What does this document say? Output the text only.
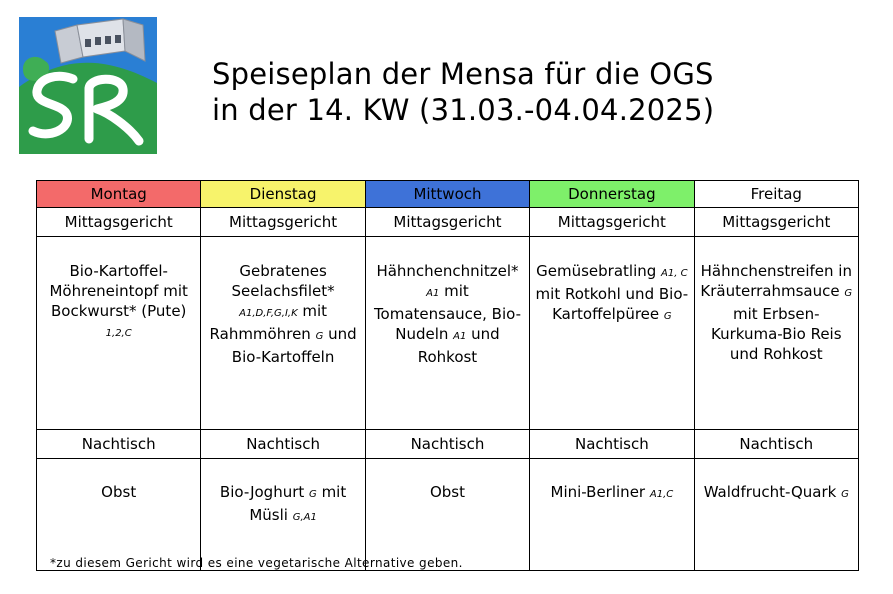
Speiseplan der Mensa für die OGS
in der 14. KW (31.03.-04.04.2025)
Montag	Dienstag	Mittwoch	Donnerstag	Freitag
Mittagsgericht	Mittagsgericht	Mittagsgericht	Mittagsgericht	Mittagsgericht
Bio-Kartoffel-
Möhreneintopf mit
Bockwurst* (Pute)
1,2,C	Gebratenes
Seelachsfilet*
A1,D,F,G,I,K mit
Rahmmöhren G und
Bio-Kartoffeln	Hähnchenchnitzel*
A1 mit
Tomatensauce, Bio-
Nudeln A1 und
Rohkost	Gemüsebratling A1, C
mit Rotkohl und Bio-
Kartoffelpüree G	Hähnchenstreifen in
Kräuterrahmsauce G
mit Erbsen-
Kurkuma-Bio Reis
und Rohkost
Nachtisch	Nachtisch	Nachtisch	Nachtisch	Nachtisch
Obst	Bio-Joghurt G mit
Müsli G,A1	Obst	Mini-Berliner A1,C	Waldfrucht-Quark G
*zu diesem Gericht wird es eine vegetarische Alternative geben.
